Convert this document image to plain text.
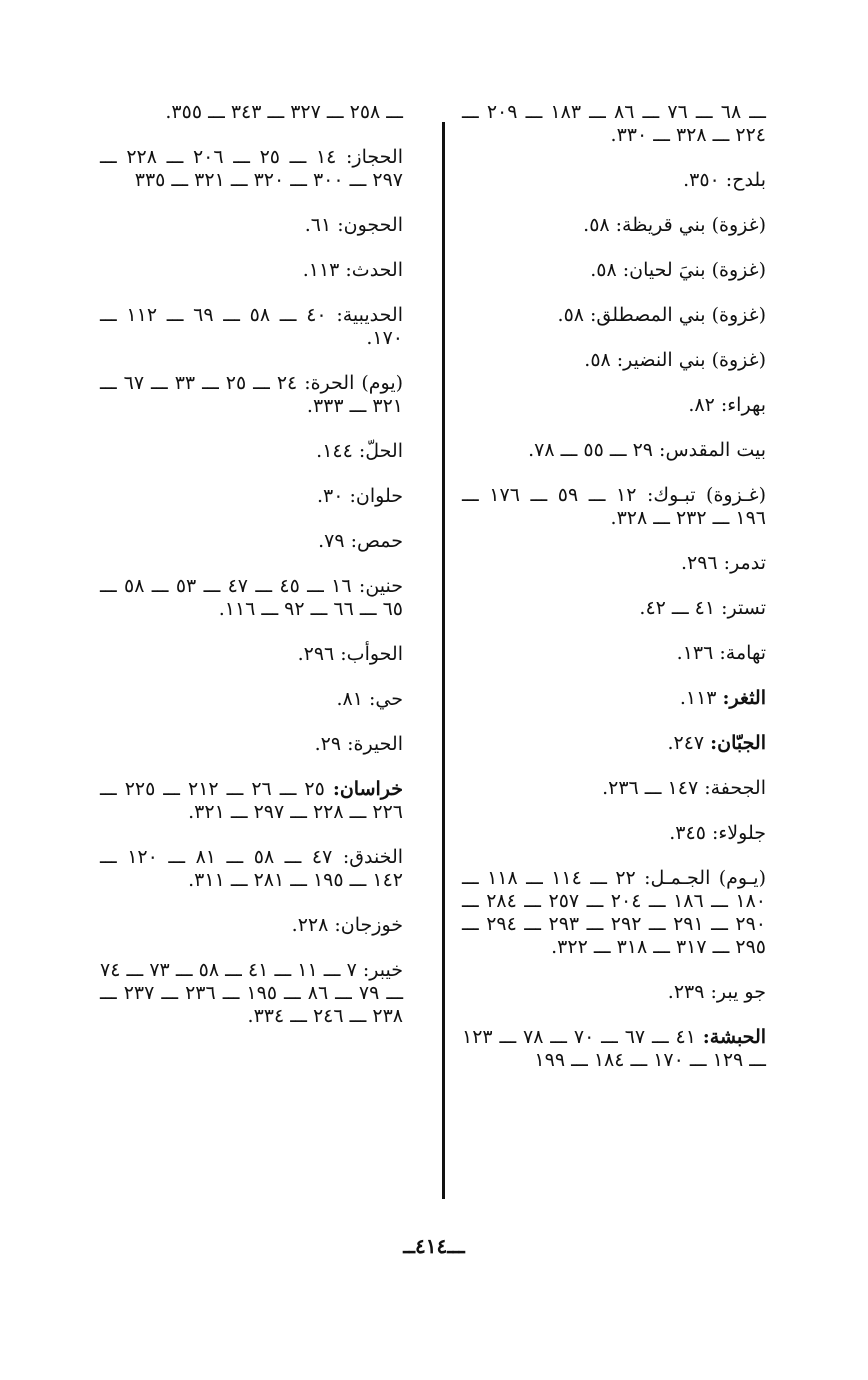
ـــ ٦٨ ـــ ٧٦ ـــ ٨٦ ـــ ١٨٣ ـــ ٢٠٩ ـــ ٢٢٤ ـــ ٣٢٨ ـــ ٣٣٠.
بلدح: ٣٥٠.
(غزوة) بني قريظة: ٥٨.
(غزوة) بنيَ لحيان: ٥٨.
(غزوة) بني المصطلق: ٥٨.
(غزوة) بني النضير: ٥٨.
بهراء: ٨٢.
بيت المقدس: ٢٩ ـــ ٥٥ ـــ ٧٨.
(غـزوة) تبـوك: ١٢ ـــ ٥٩ ـــ ١٧٦ ـــ ١٩٦ ـــ ٢٣٢ ـــ ٣٢٨.
تدمر: ٢٩٦.
تستر: ٤١ ـــ ٤٢.
تهامة: ١٣٦.
الثغر: ١١٣.
الجبّان: ٢٤٧.
الجحفة: ١٤٧ ـــ ٢٣٦.
جلولاء: ٣٤٥.
(يـوم) الجـمـل: ٢٢ ـــ ١١٤ ـــ ١١٨ ـــ ١٨٠ ـــ ١٨٦ ـــ ٢٠٤ ـــ ٢٥٧ ـــ ٢٨٤ ـــ ٢٩٠ ـــ ٢٩١ ـــ ٢٩٢ ـــ ٢٩٣ ـــ ٢٩٤ ـــ ٢٩٥ ـــ ٣١٧ ـــ ٣١٨ ـــ ٣٢٢.
جو يبر: ٢٣٩.
الحبشة: ٤١ ـــ ٦٧ ـــ ٧٠ ـــ ٧٨ ـــ ١٢٣ ـــ ١٢٩ ـــ ١٧٠ ـــ ١٨٤ ـــ ١٩٩
ـــ ٢٥٨ ـــ ٣٢٧ ـــ ٣٤٣ ـــ ٣٥٥.
الحجاز: ١٤ ـــ ٢٥ ـــ ٢٠٦ ـــ ٢٢٨ ـــ ٢٩٧ ـــ ٣٠٠ ـــ ٣٢٠ ـــ ٣٢١ ـــ ٣٣٥
الحجون: ٦١.
الحدث: ١١٣.
الحديبية: ٤٠ ـــ ٥٨ ـــ ٦٩ ـــ ١١٢ ـــ ١٧٠.
(يوم) الحرة: ٢٤ ـــ ٢٥ ـــ ٣٣ ـــ ٦٧ ـــ ٣٢١ ـــ ٣٣٣.
الحلّ: ١٤٤.
حلوان: ٣٠.
حمص: ٧٩.
حنين: ١٦ ـــ ٤٥ ـــ ٤٧ ـــ ٥٣ ـــ ٥٨ ـــ ٦٥ ـــ ٦٦ ـــ ٩٢ ـــ ١١٦.
الحوأب: ٢٩٦.
حي: ٨١.
الحيرة: ٢٩.
خراسان: ٢٥ ـــ ٢٦ ـــ ٢١٢ ـــ ٢٢٥ ـــ ٢٢٦ ـــ ٢٢٨ ـــ ٢٩٧ ـــ ٣٢١.
الخندق: ٤٧ ـــ ٥٨ ـــ ٨١ ـــ ١٢٠ ـــ ١٤٢ ـــ ١٩٥ ـــ ٢٨١ ـــ ٣١١.
خوزجان: ٢٢٨.
خيبر: ٧ ـــ ١١ ـــ ٤١ ـــ ٥٨ ـــ ٧٣ ـــ ٧٤ ـــ ٧٩ ـــ ٨٦ ـــ ١٩٥ ـــ ٢٣٦ ـــ ٢٣٧ ـــ ٢٣٨ ـــ ٢٤٦ ـــ ٣٣٤.
ـــ٤١٤ــ
